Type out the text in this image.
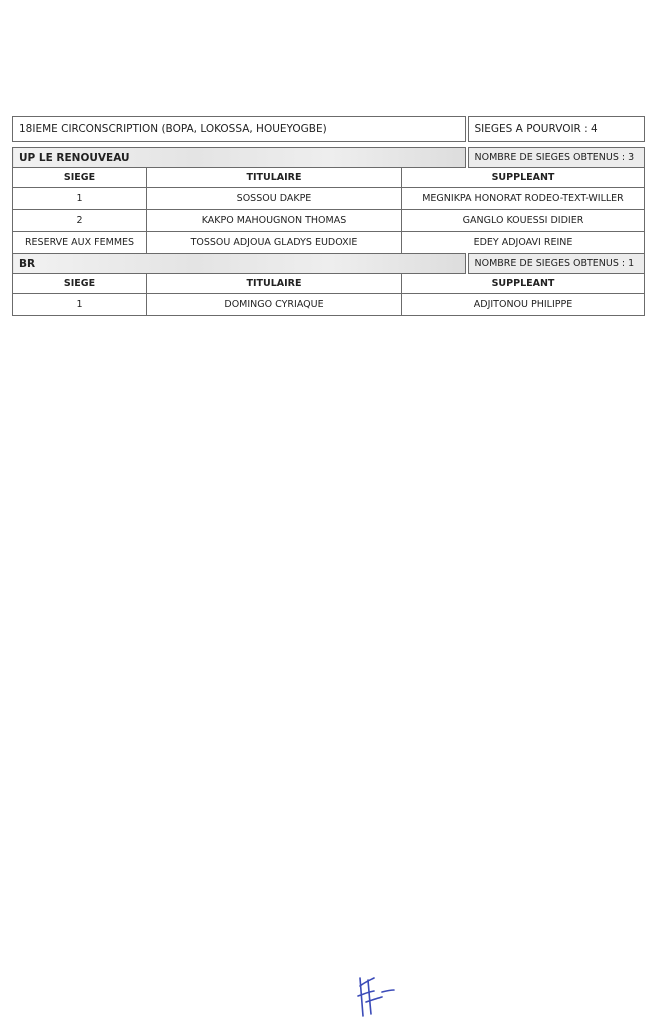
18IEME CIRCONSCRIPTION (BOPA, LOKOSSA, HOUEYOGBE)			SIEGES A POURVOIR : 4

UP LE RENOUVEAU			NOMBRE DE SIEGES OBTENUS : 3
SIEGE	TITULAIRE	SUPPLEANT	
1	SOSSOU DAKPE	MEGNIKPA HONORAT RODEO-TEXT-WILLER	
2	KAKPO MAHOUGNON THOMAS	GANGLO KOUESSI DIDIER	
RESERVE AUX FEMMES	TOSSOU ADJOUA GLADYS EUDOXIE	EDEY ADJOAVI REINE	
BR			NOMBRE DE SIEGES OBTENUS : 1
SIEGE	TITULAIRE	SUPPLEANT	
1	DOMINGO CYRIAQUE	ADJITONOU PHILIPPE	
